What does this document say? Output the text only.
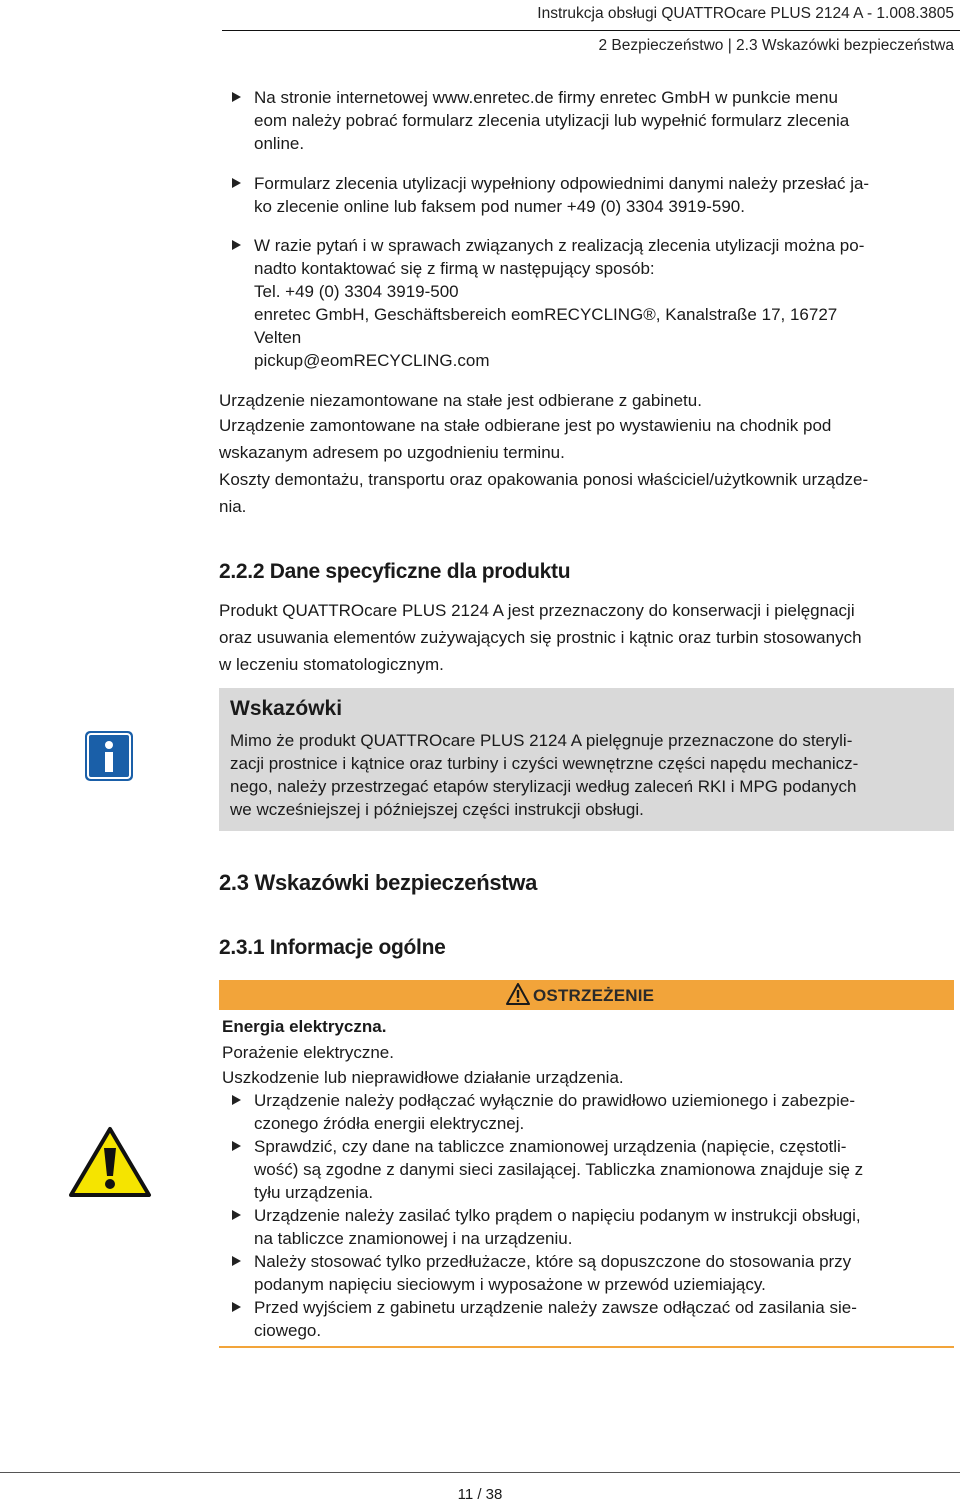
Instrukcja obsługi QUATTROcare PLUS 2124 A - 1.008.3805
2 Bezpieczeństwo | 2.3 Wskazówki bezpieczeństwa
Na stronie internetowej www.enretec.de firmy enretec GmbH w punkcie menu
eom należy pobrać formularz zlecenia utylizacji lub wypełnić formularz zlecenia
online.
Formularz zlecenia utylizacji wypełniony odpowiednimi danymi należy przesłać ja-
ko zlecenie online lub faksem pod numer +49 (0) 3304 3919-590.
W razie pytań i w sprawach związanych z realizacją zlecenia utylizacji można po-
nadto kontaktować się z firmą w następujący sposób:
Tel. +49 (0) 3304 3919-500
enretec GmbH, Geschäftsbereich eomRECYCLING®, Kanalstraße 17, 16727
Velten
pickup@eomRECYCLING.com

Urządzenie niezamontowane na stałe jest odbierane z gabinetu.

Urządzenie zamontowane na stałe odbierane jest po wystawieniu na chodnik pod
wskazanym adresem po uzgodnieniu terminu.

Koszty demontażu, transportu oraz opakowania ponosi właściciel/użytkownik urządze-
nia.

2.2.2 Dane specyficzne dla produktu

Produkt QUATTROcare PLUS 2124 A jest przeznaczony do konserwacji i pielęgnacji
oraz usuwania elementów zużywających się prostnic i kątnic oraz turbin stosowanych
w leczeniu stomatologicznym.

Wskazówki
Mimo że produkt QUATTROcare PLUS 2124 A pielęgnuje przeznaczone do steryli-
zacji prostnice i kątnice oraz turbiny i czyści wewnętrzne części napędu mechanicz-
nego, należy przestrzegać etapów sterylizacji według zaleceń RKI i MPG podanych
we wcześniejszej i późniejszej części instrukcji obsługi.
2.3 Wskazówki bezpieczeństwa
2.3.1 Informacje ogólne
OSTRZEŻENIE

Energia elektryczna.

Porażenie elektryczne.

Uszkodzenie lub nieprawidłowe działanie urządzenia.

Urządzenie należy podłączać wyłącznie do prawidłowo uziemionego i zabezpie-
czonego źródła energii elektrycznej.
Sprawdzić, czy dane na tabliczce znamionowej urządzenia (napięcie, częstotli-
wość) są zgodne z danymi sieci zasilającej. Tabliczka znamionowa znajduje się z
tyłu urządzenia.
Urządzenie należy zasilać tylko prądem o napięciu podanym w instrukcji obsługi,
na tabliczce znamionowej i na urządzeniu.
Należy stosować tylko przedłużacze, które są dopuszczone do stosowania przy
podanym napięciu sieciowym i wyposażone w przewód uziemiający.
Przed wyjściem z gabinetu urządzenie należy zawsze odłączać od zasilania sie-
ciowego.
11 / 38
